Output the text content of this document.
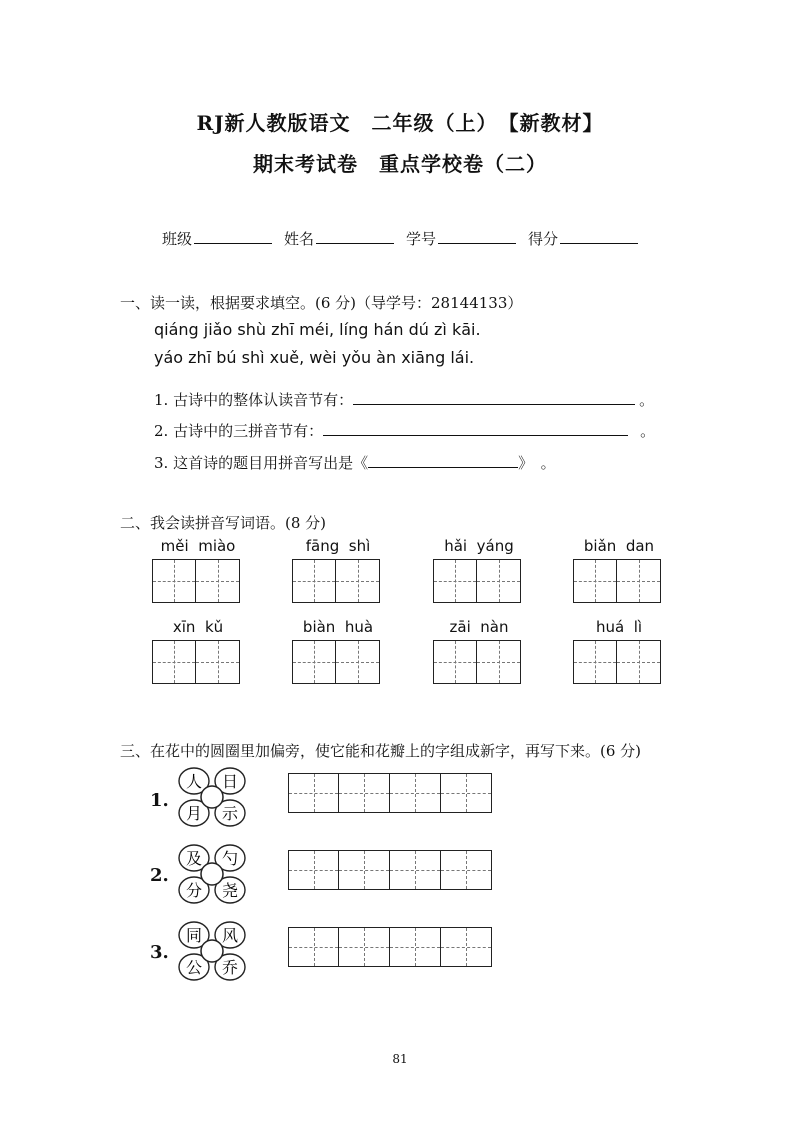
RJ新人教版语文　二年级（上）　【新教材】
期末考试卷　重点学校卷（二）
班级	姓名	学号	得分
一、读一读，根据要求填空。(6 分)（导学号：28144133）
qiáng jiǎo shù zhī méi, líng hán dú zì kāi.
yáo zhī bú shì xuě, wèi yǒu àn xiāng lái.
1. 古诗中的整体认读音节有：	。
2. 古诗中的三拼音节有：	。
3. 这首诗的题目用拼音写出是《	》　。
二、我会读拼音写词语。(8 分)
měi miào	fāng shì	hǎi yáng	biǎn dan
xīn kǔ	biàn huà	zāi nàn	huá lì
三、在花中的圆圈里加偏旁，使它能和花瓣上的字组成新字，再写下来。(6 分)
1.
人 日
月 示
2.
及 勺
分 尧
3.
同 风
公 乔
81
